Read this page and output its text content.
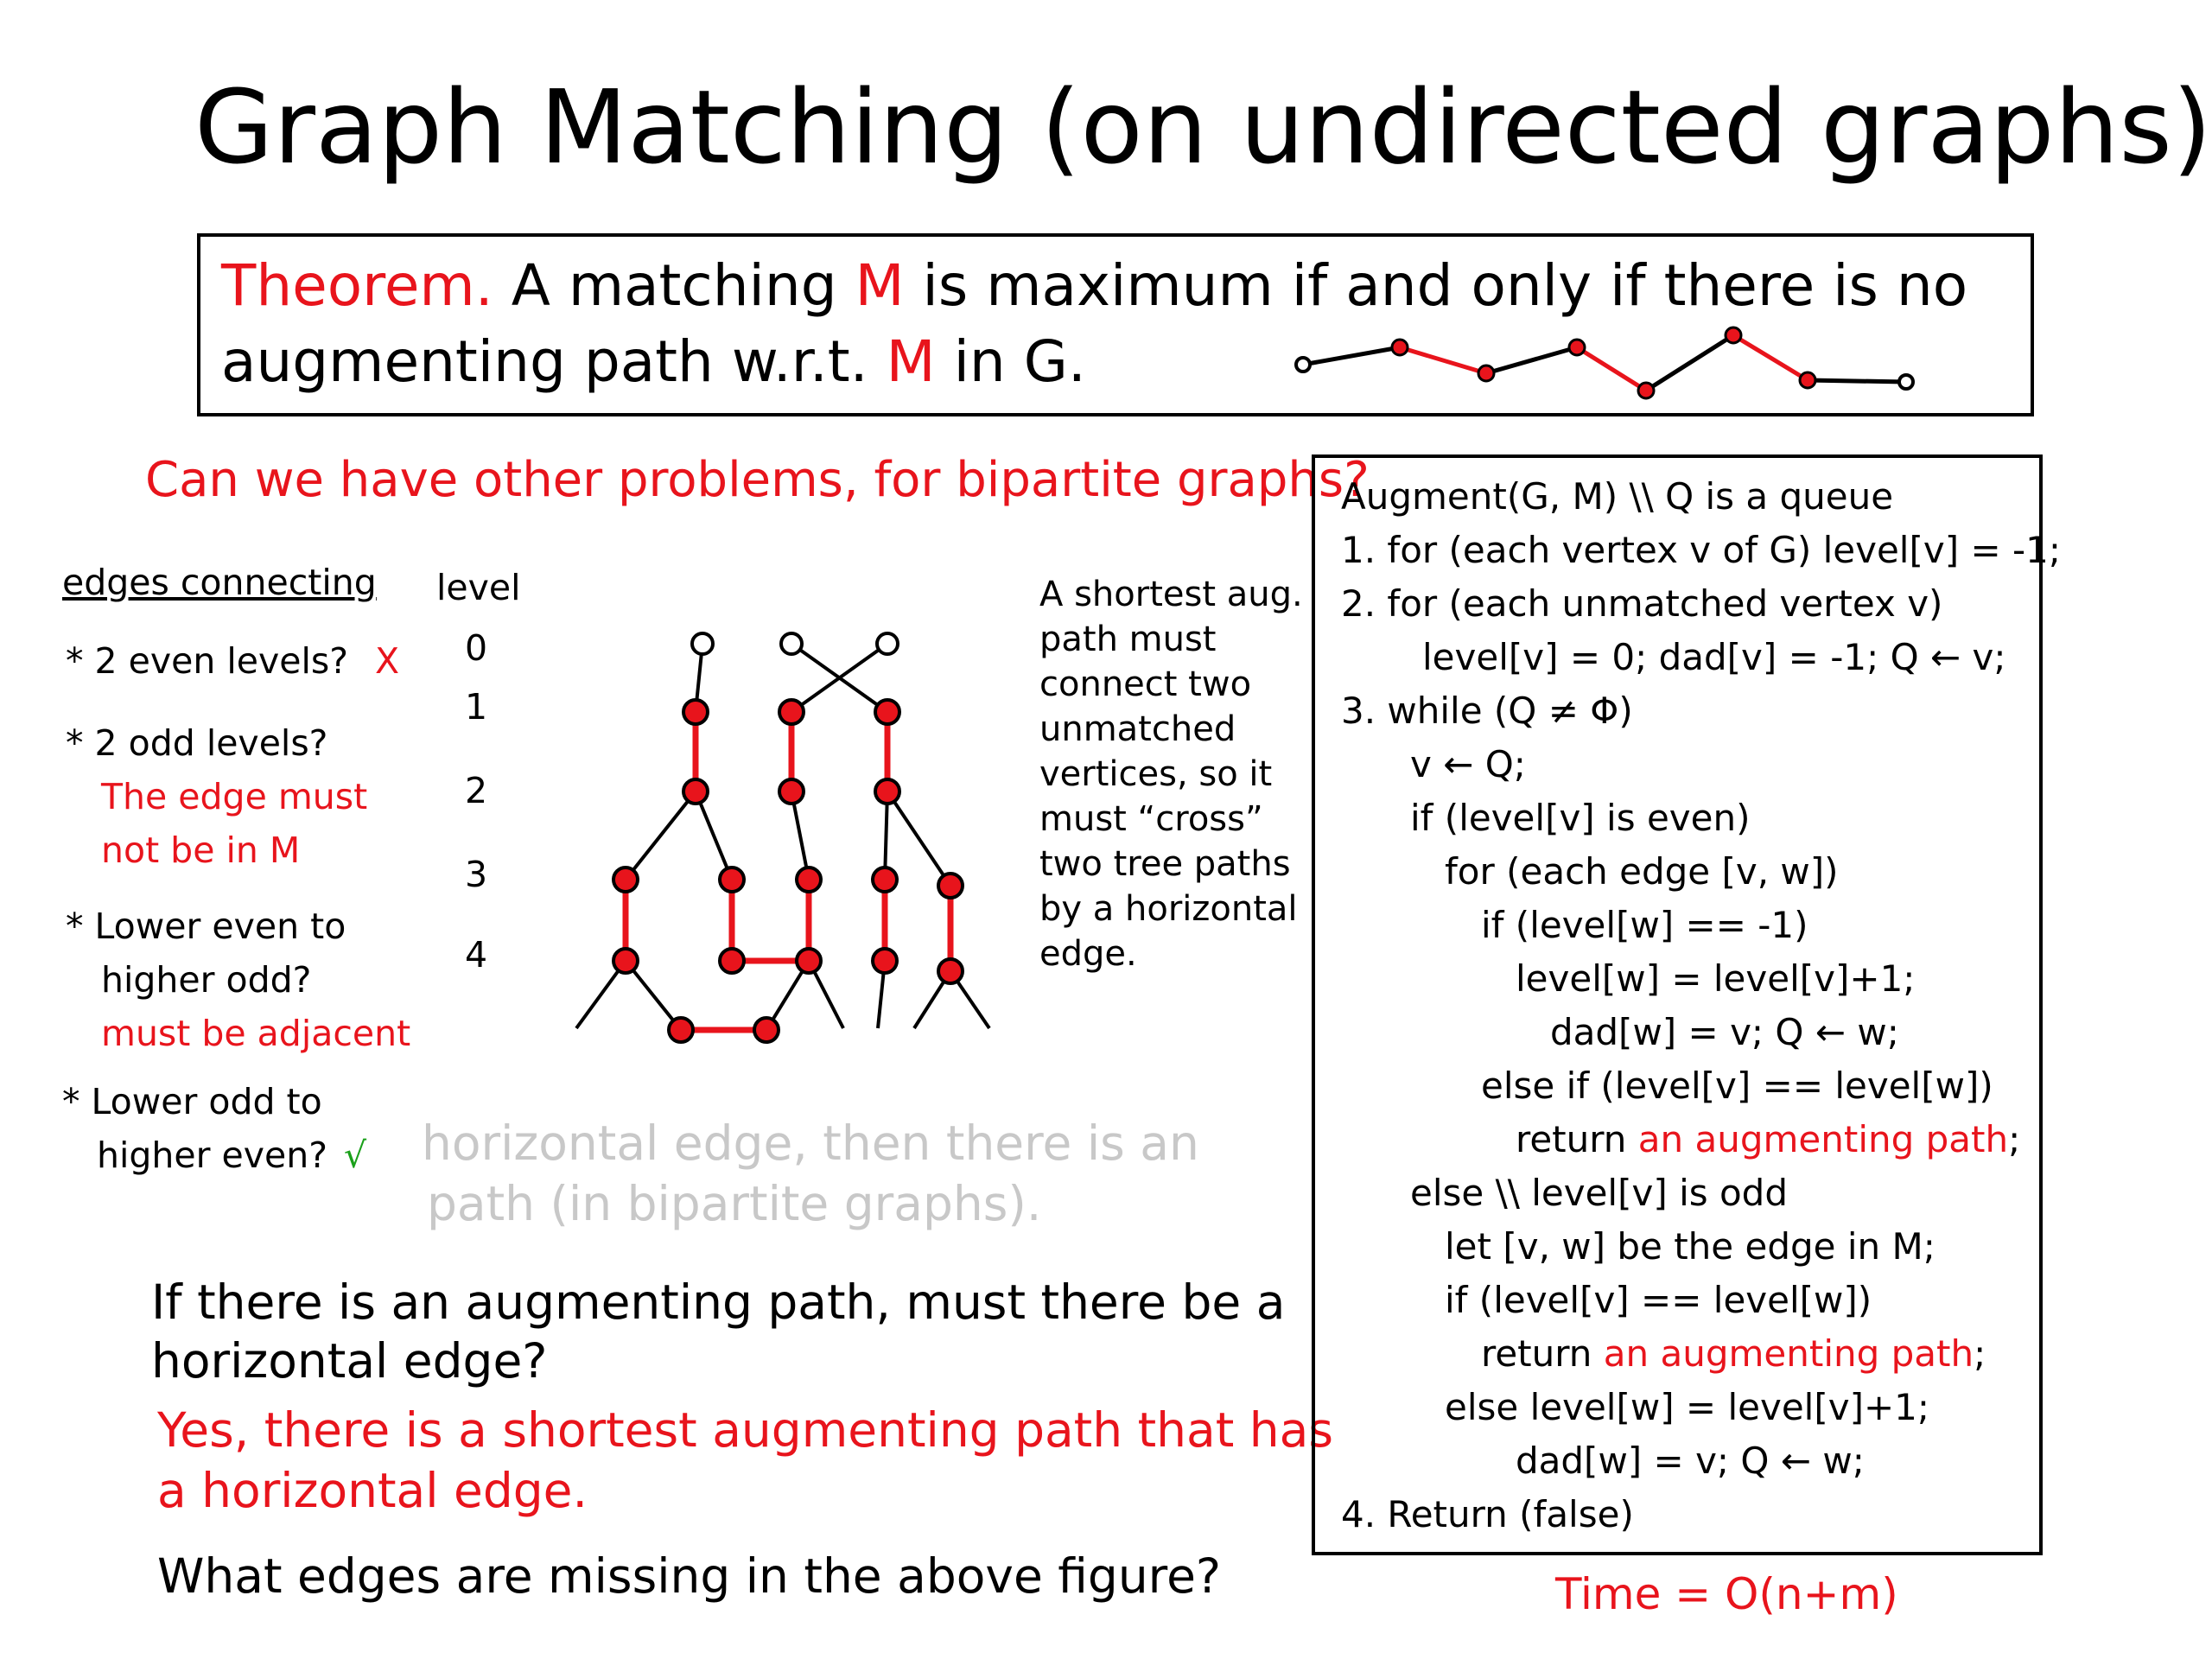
Graph Matching (on undirected graphs)
Theorem. A matching M is maximum if and only if there is no
augmenting path w.r.t. M in G.
Can we have other problems, for bipartite graphs?
edges connecting
* 2 even levels? X
* 2 odd levels?
The edge must
not be in M
* Lower even to
higher odd?
must be adjacent
* Lower odd to
higher even? √
level
0
1
2
3
4
A shortest aug.
path must
connect two
unmatched
vertices, so it
must “cross”
two tree paths
by a horizontal
edge.
horizontal edge, then there is an
path (in bipartite graphs).
If there is an augmenting path, must there be a
horizontal edge?
Yes, there is a shortest augmenting path that has
a horizontal edge.
What edges are missing in the above figure?
Augment(G, M) \\ Q is a queue
1. for (each vertex v of G) level[v] = -1;
2. for (each unmatched vertex v)
level[v] = 0; dad[v] = -1; Q ← v;
3. while (Q ≠ Φ)
v ← Q;
if (level[v] is even)
for (each edge [v, w])
if (level[w] == -1)
level[w] = level[v]+1;
dad[w] = v; Q ← w;
else if (level[v] == level[w])
return an augmenting path;
else \\ level[v] is odd
let [v, w] be the edge in M;
if (level[v] == level[w])
return an augmenting path;
else level[w] = level[v]+1;
dad[w] = v; Q ← w;
4. Return (false)
Time = O(n+m)
